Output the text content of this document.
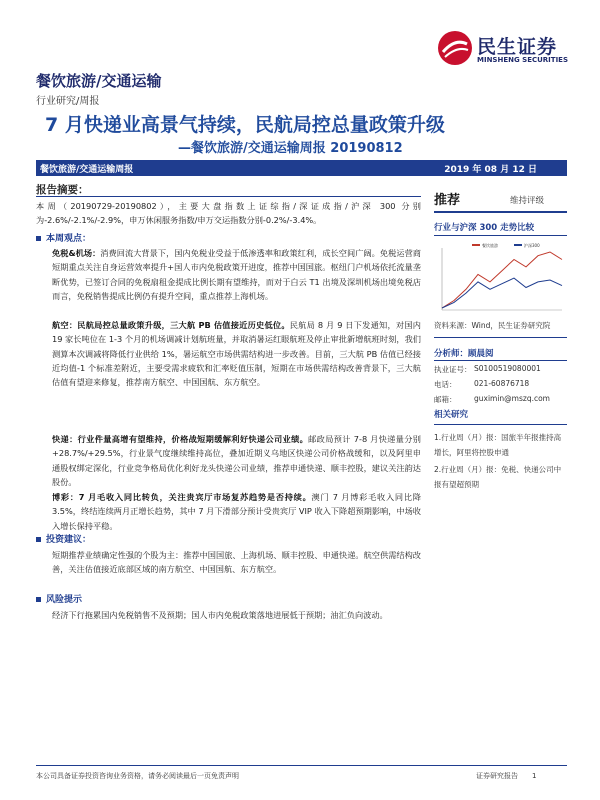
民生证券
MINSHENG SECURITIES
餐饮旅游/交通运输
行业研究/周报
7 月快递业高景气持续，民航局控总量政策升级
—餐饮旅游/交通运输周报 20190812
餐饮旅游/交通运输周报	2019 年 08 月 12 日
报告摘要：
本周（20190729-20190802），主要大盘指数上证综指/深证成指/沪深 300 分别为-2.6%/-2.1%/-2.9%，申万休闲服务指数/申万交运指数分别-0.2%/-3.4%。
本周观点：
免税&机场：消费回流大背景下，国内免税业受益于低渗透率和政策红利，成长空间广阔。免税运营商短期重点关注自身运营效率提升+国人市内免税政策开进度，推荐中国国旅。枢纽门户机场依托流量垄断优势，已签订合同的免税扇租金提成比例长期有望维持，而对于白云 T1 出境及深圳机场出境免税店而言，免税销售提成比例仍有提升空间，重点推荐上海机场。
航空：民航局控总量政策升级，三大航 PB 估值接近历史低位。民航局 8 月 9 日下发通知，对国内 19 家长吨位在 1-3 个月的机场调减计划航班量，并取消暑运红眼航班及停止审批新增航班时刻，我们测算本次调减将降低行业供给 1%，暑运航空市场供需结构进一步改善。目前，三大航 PB 估值已经接近均值-1 个标准差附近，主要受需求疲软和汇率贬值压制，短期在市场供需结构改善背景下，三大航估值有望迎来修复，推荐南方航空、中国国航、东方航空。
快递：行业件量高增有望维持，价格战短期缓解利好快递公司业绩。邮政局预计 7-8 月快递量分别+28.7%/+29.5%，行业景气度继续维持高位，叠加近期义乌地区快递公司价格战缓和，以及阿里申通股权绑定深化，行业竞争格局优化利好龙头快递公司业绩，推荐申通快递、顺丰控股，建议关注韵达股份。
博彩：7 月毛收入同比转负，关注贵宾厅市场复苏趋势是否持续。澳门 7 月博彩毛收入同比降 3.5%，终结连续两月正增长趋势，其中 7 月下滑部分预计受贵宾厅 VIP 收入下降超预期影响，中场收入增长保持平稳。
投资建议：
短期推荐业绩确定性强的个股为主：推荐中国国旅、上海机场、顺丰控股、申通快递。航空供需结构改善，关注估值接近底部区域的南方航空、中国国航、东方航空。
风险提示
经济下行拖累国内免税销售不及预期；国人市内免税政策落地进展低于预期；油汇负向波动。
推荐	维持评级
行业与沪深 300 走势比较
餐饮旅游	沪深300
资料来源：Wind，民生证券研究院
分析师：顾晨阅
执业证号： S0100519080001
电话： 021-60876718
邮箱： guximin@mszq.com
相关研究
1.行业周（月）报：国旅半年报推持高增长，阿里将控股申通
2.行业周（月）报：免税、快递公司中报有望超预期
本公司具备证券投资咨询业务资格，请务必阅读最后一页免责声明	证券研究报告　　1
